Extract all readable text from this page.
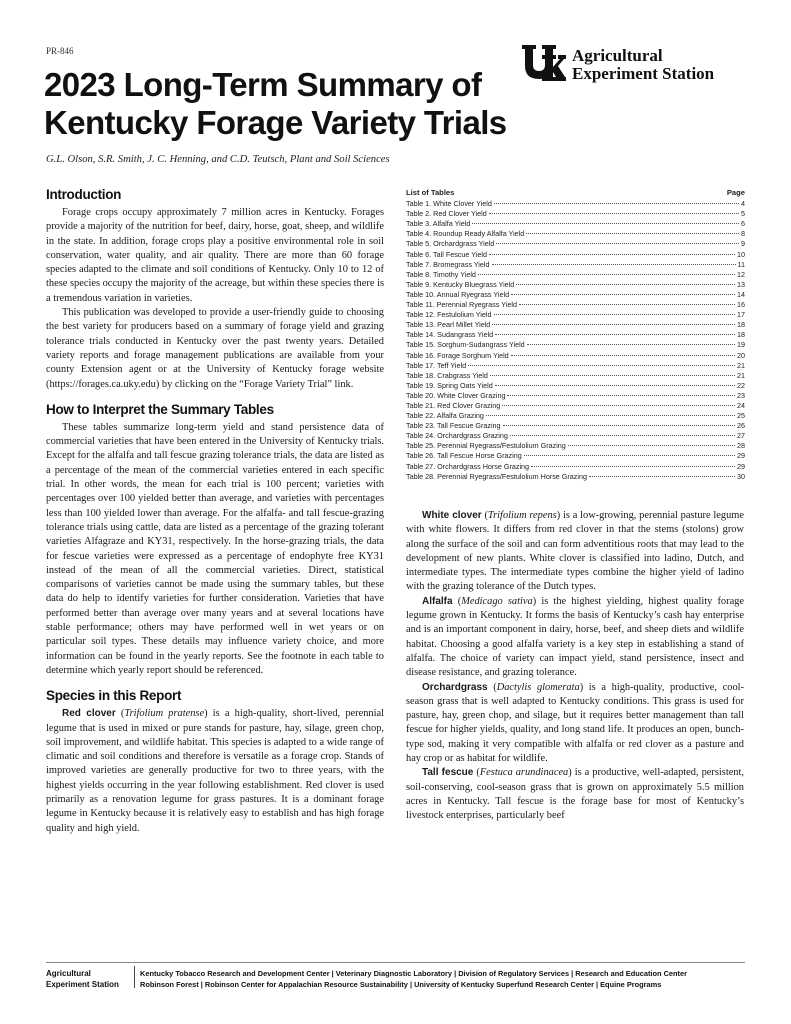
PR-846	Agricultural
Experiment Station
2023 Long-Term Summary of
Kentucky Forage Variety Trials
G.L. Olson, S.R. Smith, J. C. Henning, and C.D. Teutsch, Plant and Soil Sciences
Introduction

Forage crops occupy approximately 7 million acres in Kentucky. Forages provide a majority of the nutrition for beef, dairy, horse, goat, sheep, and wildlife in the state. In addition, forage crops play a positive environmental role in soil conservation, water quality, and air quality. There are more than 60 forage species adapted to the climate and soil conditions of Kentucky. Only 10 to 12 of these species occupy the majority of the acreage, but within these species there is a tremendous variation in varieties.

This publication was developed to provide a user-friendly guide to choosing the best variety for producers based on a summary of forage yield and grazing tolerance trials conducted in Kentucky over the past twenty years. Detailed variety reports and forage management publications are available from your county Extension agent or at the University of Kentucky forage website (https://forages.ca.uky.edu) by clicking on the “Forage Variety Trial” link.

How to Interpret the Summary Tables

These tables summarize long-term yield and stand persistence data of commercial varieties that have been entered in the University of Kentucky trials. Except for the alfalfa and tall fescue grazing tolerance trials, the data are listed as a percentage of the mean of the commercial varieties entered in each specific trial. In other words, the mean for each trial is 100 percent; varieties with percentages over 100 yielded better than average, and varieties with percentages less than 100 yielded lower than average. For the alfalfa- and tall fescue-grazing tolerance trials using cattle, data are listed as a percentage of the grazing tolerant varieties Alfagraze and KY31, respectively. In the horse-grazing trials, the data for fescue varieties were expressed as a percentage of endophyte free KY31 instead of the mean of all the commercial varieties. Direct, statistical comparisons of varieties cannot be made using the summary tables, but these data do help to identify varieties for further consideration. Varieties that have performed better than average over many years and at several locations have stable performance; others may have performed well in wet years or on particular soil types. These details may influence variety choice, and more information can be found in the yearly reports. See the footnote in each table to determine which yearly report should be referenced.

Species in this Report

Red clover (Trifolium pratense) is a high-quality, short-lived, perennial legume that is used in mixed or pure stands for pasture, hay, silage, green chop, soil improvement, and wildlife habitat. This species is adapted to a wide range of climatic and soil conditions and therefore is versatile as a forage crop. Stands of improved varieties are generally productive for two to three years, with the highest yields occurring in the year following establishment. Red clover is used primarily as a renovation legume for grass pastures. It is a dominant forage legume in Kentucky because it is relatively easy to establish and has high forage quality and high yield.

List of Tables	Page
Table 1. White Clover Yield	4
Table 2. Red Clover Yield	5
Table 3. Alfalfa Yield	6
Table 4. Roundup Ready Alfalfa Yield	8
Table 5. Orchardgrass Yield	9
Table 6. Tall Fescue Yield	10
Table 7. Bromegrass Yield	11
Table 8. Timothy Yield	12
Table 9. Kentucky Bluegrass Yield	13
Table 10. Annual Ryegrass Yield	14
Table 11. Perennial Ryegrass Yield	16
Table 12. Festulolium Yield	17
Table 13. Pearl Millet Yield	18
Table 14. Sudangrass Yield	18
Table 15. Sorghum-Sudangrass Yield	19
Table 16. Forage Sorghum Yield	20
Table 17. Teff Yield	21
Table 18. Crabgrass Yield	21
Table 19. Spring Oats Yield	22
Table 20. White Clover Grazing	23
Table 21. Red Clover Grazing	24
Table 22. Alfalfa Grazing	25
Table 23. Tall Fescue Grazing	26
Table 24. Orchardgrass Grazing	27
Table 25. Perennial Ryegrass/Festulolium Grazing	28
Table 26. Tall Fescue Horse Grazing	29
Table 27. Orchardgrass Horse Grazing	29
Table 28. Perennial Ryegrass/Festulolium Horse Grazing	30

White clover (Trifolium repens) is a low-growing, perennial pasture legume with white flowers. It differs from red clover in that the stems (stolons) grow along the surface of the soil and can form adventitious roots that may lead to the development of new plants. White clover is classified into ladino, Dutch, and intermediate types. The intermediate types combine the higher yield of ladino with the grazing tolerance of the Dutch types.

Alfalfa (Medicago sativa) is the highest yielding, highest quality forage legume grown in Kentucky. It forms the basis of Kentucky’s cash hay enterprise and is an important component in dairy, horse, beef, and sheep diets and wildlife habitat. Choosing a good alfalfa variety is a key step in establishing a stand of alfalfa. The choice of variety can impact yield, stand persistence, insect and disease resistance, and grazing tolerance.

Orchardgrass (Dactylis glomerata) is a high-quality, productive, cool-season grass that is well adapted to Kentucky conditions. This grass is used for pasture, hay, green chop, and silage, but it requires better management than tall fescue for higher yields, quality, and long stand life. It produces an open, bunch-type sod, making it very compatible with alfalfa or red clover as a pasture and hay crop or as habitat for wildlife.

Tall fescue (Festuca arundinacea) is a productive, well-adapted, persistent, soil-conserving, cool-season grass that is grown on approximately 5.5 million acres in Kentucky. Tall fescue is the forage base for most of Kentucky’s livestock enterprises, particularly beef

Agricultural Experiment Station
Kentucky Tobacco Research and Development Center | Veterinary Diagnostic Laboratory | Division of Regulatory Services | Research and Education Center
Robinson Forest | Robinson Center for Appalachian Resource Sustainability | University of Kentucky Superfund Research Center | Equine Programs
